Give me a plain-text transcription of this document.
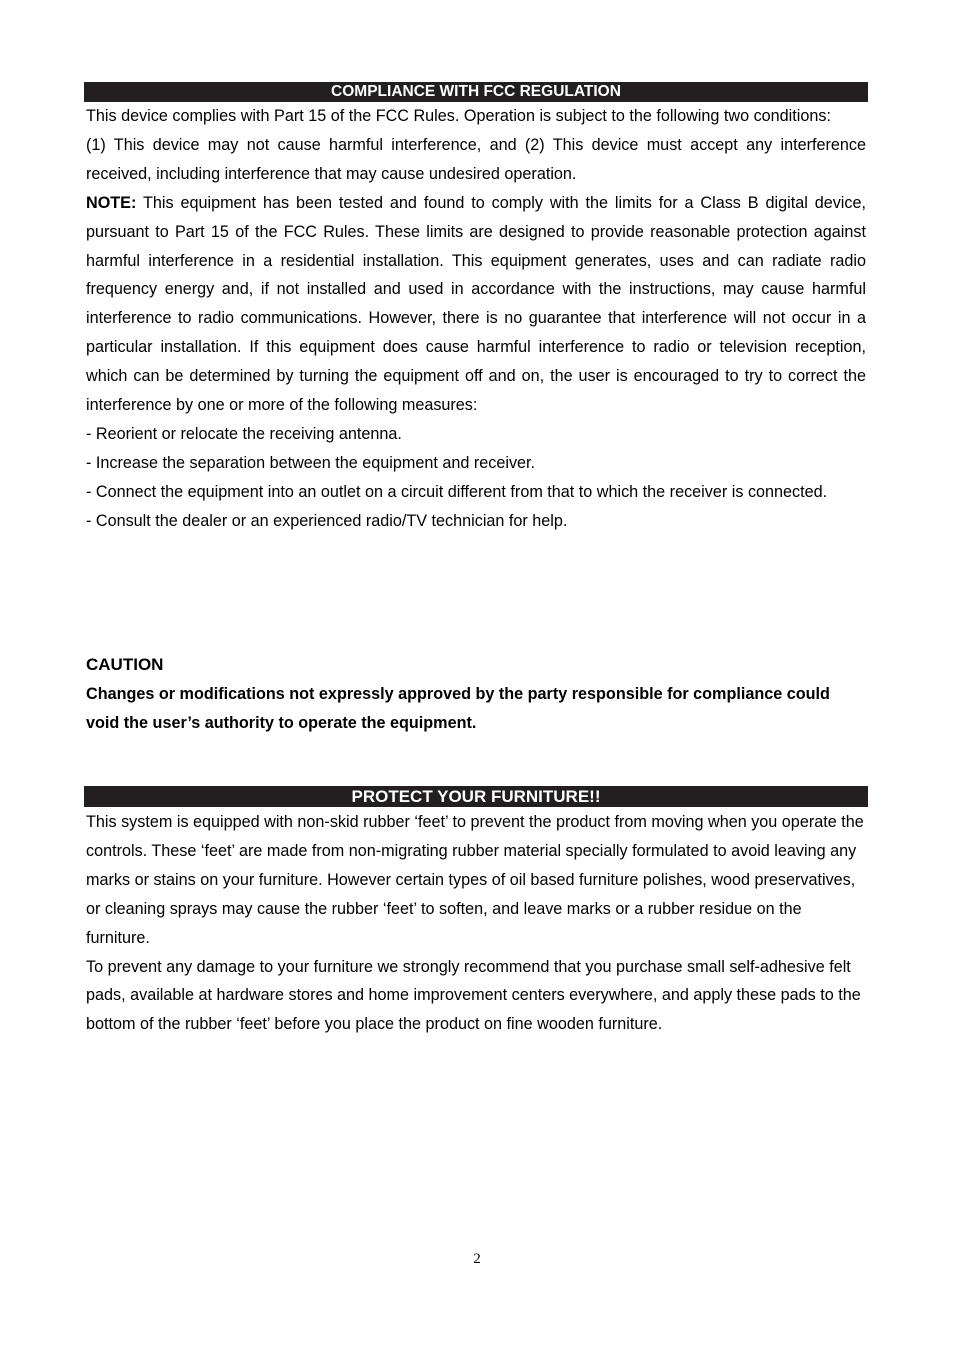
COMPLIANCE WITH FCC REGULATION

This device complies with Part 15 of the FCC Rules. Operation is subject to the following two conditions:

(1) This device may not cause harmful interference, and (2) This device must accept any interference received, including interference that may cause undesired operation.

NOTE: This equipment has been tested and found to comply with the limits for a Class B digital device, pursuant to Part 15 of the FCC Rules. These limits are designed to provide reasonable protection against harmful interference in a residential installation. This equipment generates, uses and can radiate radio frequency energy and, if not installed and used in accordance with the instructions, may cause harmful interference to radio communications. However, there is no guarantee that interference will not occur in a particular installation. If this equipment does cause harmful interference to radio or television reception, which can be determined by turning the equipment off and on, the user is encouraged to try to correct the interference by one or more of the following measures:

- Reorient or relocate the receiving antenna.

- Increase the separation between the equipment and receiver.

- Connect the equipment into an outlet on a circuit different from that to which the receiver is connected.

- Consult the dealer or an experienced radio/TV technician for help.

CAUTION
Changes or modifications not expressly approved by the party responsible for compliance could void the user’s authority to operate the equipment.
PROTECT YOUR FURNITURE!!

This system is equipped with non-skid rubber ‘feet’ to prevent the product from moving when you operate the controls. These ‘feet’ are made from non-migrating rubber material specially formulated to avoid leaving any marks or stains on your furniture. However certain types of oil based furniture polishes, wood preservatives, or cleaning sprays may cause the rubber ‘feet’ to soften, and leave marks or a rubber residue on the furniture.

To prevent any damage to your furniture we strongly recommend that you purchase small self-adhesive felt pads, available at hardware stores and home improvement centers everywhere, and apply these pads to the bottom of the rubber ‘feet’ before you place the product on fine wooden furniture.

2
